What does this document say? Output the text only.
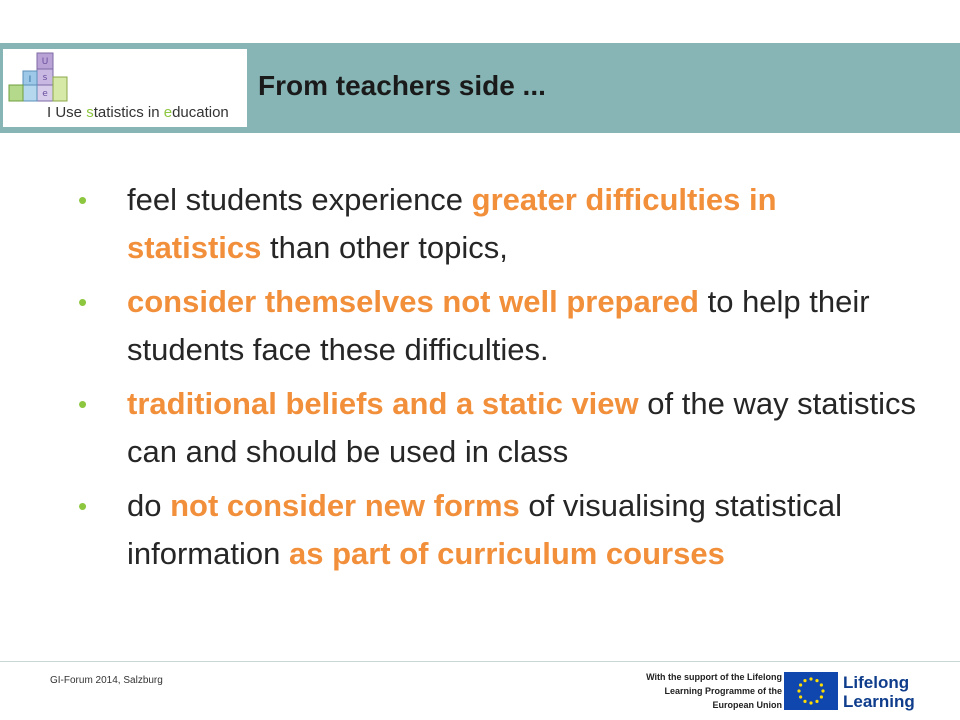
U
s
e
I
I Use statistics in education
From teachers side ...
• feel students experience greater difficulties in statistics than other topics,
• consider themselves not well prepared to help their students face these difficulties.
• traditional beliefs and a static view of the way statistics can and should be used in class
• do not consider new forms of visualising statistical information as part of curriculum courses
GI-Forum 2014, Salzburg	With the support of the Lifelong
Learning Programme of the
European Union
Lifelong
Learning
